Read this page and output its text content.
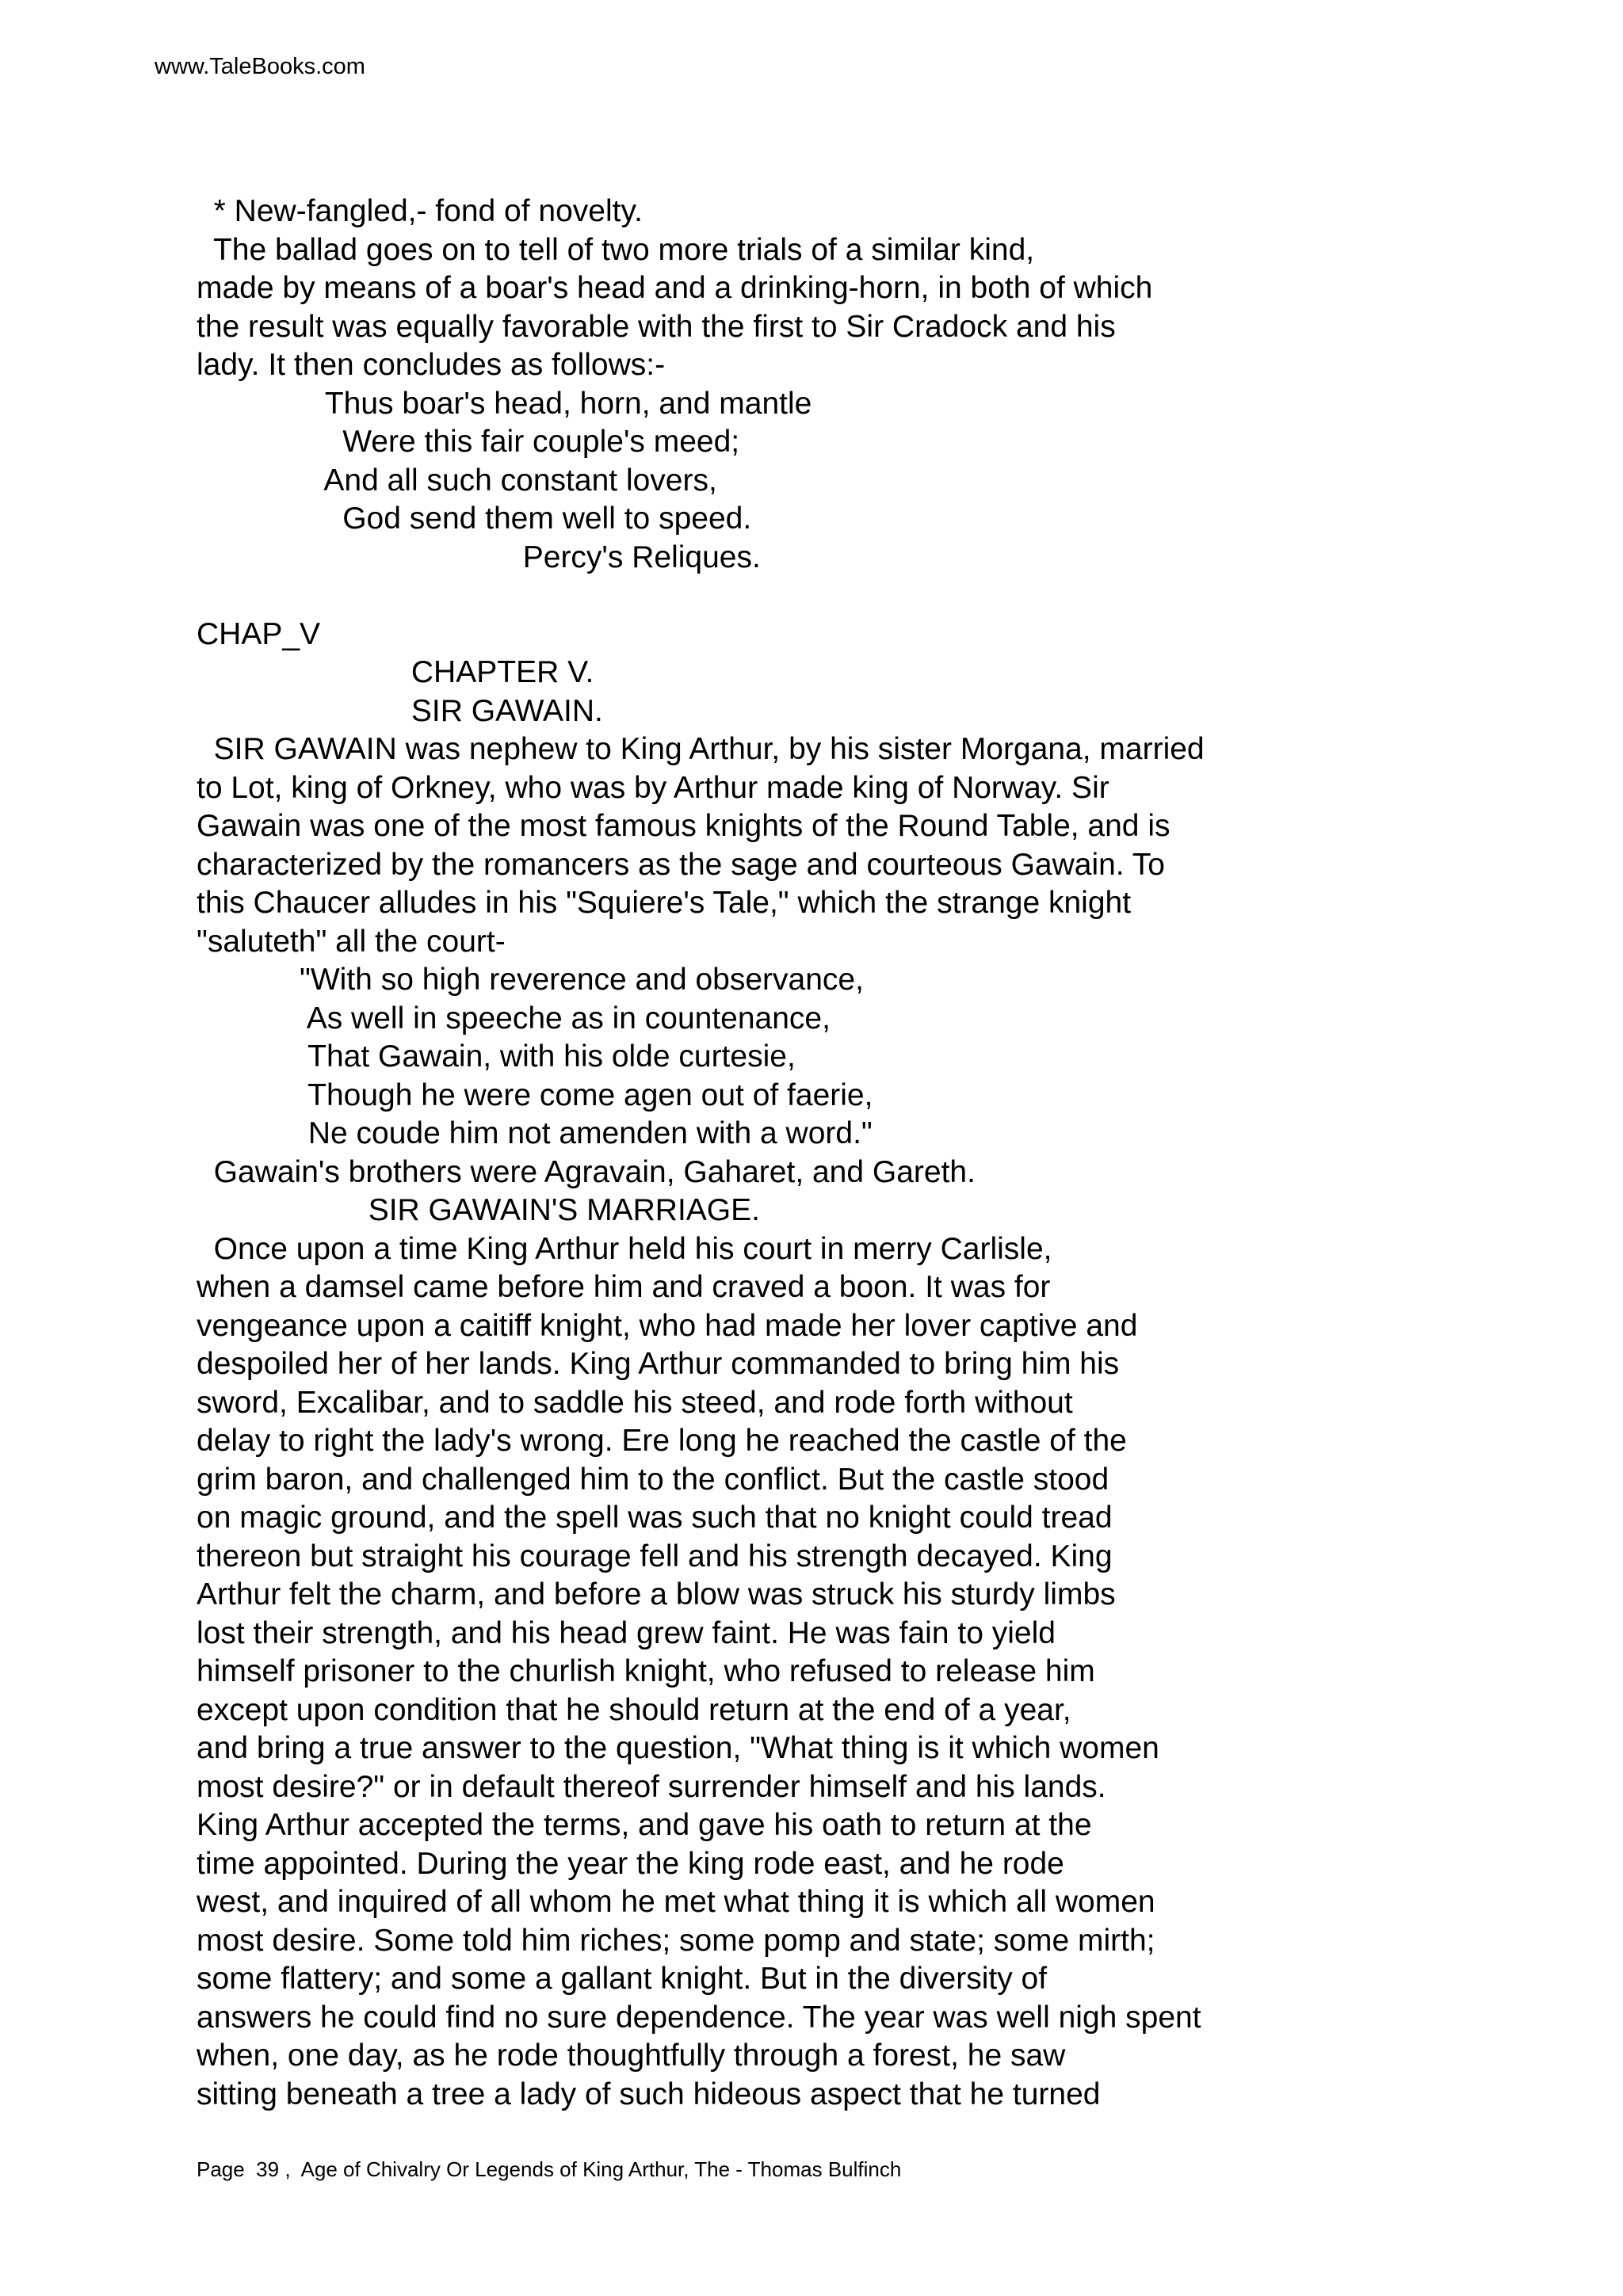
www.TaleBooks.com
* New-fangled,- fond of novelty.
The ballad goes on to tell of two more trials of a similar kind,
made by means of a boar's head and a drinking-horn, in both of which
the result was equally favorable with the first to Sir Cradock and his
lady. It then concludes as follows:-
Thus boar's head, horn, and mantle
Were this fair couple's meed;
And all such constant lovers,
God send them well to speed.
Percy's Reliques.
CHAP_V
CHAPTER V.
SIR GAWAIN.
SIR GAWAIN was nephew to King Arthur, by his sister Morgana, married
to Lot, king of Orkney, who was by Arthur made king of Norway. Sir
Gawain was one of the most famous knights of the Round Table, and is
characterized by the romancers as the sage and courteous Gawain. To
this Chaucer alludes in his "Squiere's Tale," which the strange knight
"saluteth" all the court-
"With so high reverence and observance,
As well in speeche as in countenance,
That Gawain, with his olde curtesie,
Though he were come agen out of faerie,
Ne coude him not amenden with a word."
Gawain's brothers were Agravain, Gaharet, and Gareth.
SIR GAWAIN'S MARRIAGE.
Once upon a time King Arthur held his court in merry Carlisle,
when a damsel came before him and craved a boon. It was for
vengeance upon a caitiff knight, who had made her lover captive and
despoiled her of her lands. King Arthur commanded to bring him his
sword, Excalibar, and to saddle his steed, and rode forth without
delay to right the lady's wrong. Ere long he reached the castle of the
grim baron, and challenged him to the conflict. But the castle stood
on magic ground, and the spell was such that no knight could tread
thereon but straight his courage fell and his strength decayed. King
Arthur felt the charm, and before a blow was struck his sturdy limbs
lost their strength, and his head grew faint. He was fain to yield
himself prisoner to the churlish knight, who refused to release him
except upon condition that he should return at the end of a year,
and bring a true answer to the question, "What thing is it which women
most desire?" or in default thereof surrender himself and his lands.
King Arthur accepted the terms, and gave his oath to return at the
time appointed. During the year the king rode east, and he rode
west, and inquired of all whom he met what thing it is which all women
most desire. Some told him riches; some pomp and state; some mirth;
some flattery; and some a gallant knight. But in the diversity of
answers he could find no sure dependence. The year was well nigh spent
when, one day, as he rode thoughtfully through a forest, he saw
sitting beneath a tree a lady of such hideous aspect that he turned
Page  39 ,  Age of Chivalry Or Legends of King Arthur, The - Thomas Bulfinch
